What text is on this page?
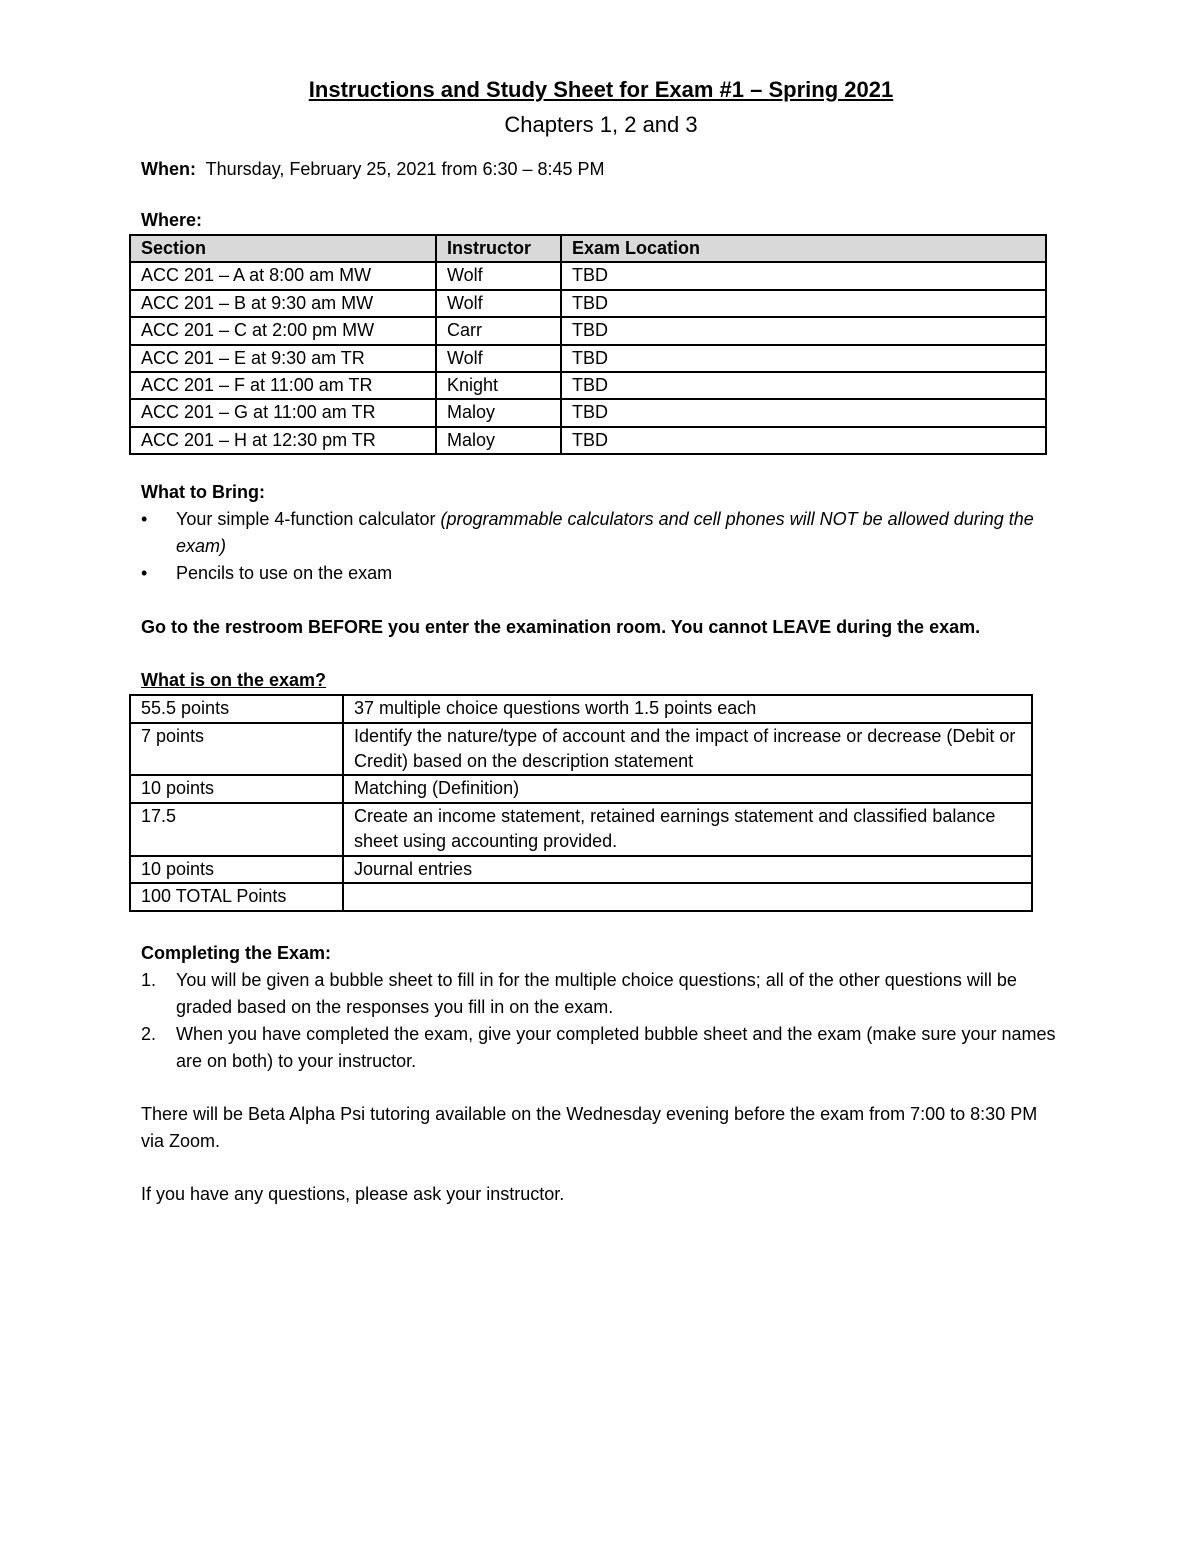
Instructions and Study Sheet for Exam #1 – Spring 2021
Chapters 1, 2 and 3
When: Thursday, February 25, 2021 from 6:30 – 8:45 PM
Where:
Section	Instructor	Exam Location
ACC 201 – A at 8:00 am MW	Wolf	TBD
ACC 201 – B at 9:30 am MW	Wolf	TBD
ACC 201 – C at 2:00 pm MW	Carr	TBD
ACC 201 – E at 9:30 am TR	Wolf	TBD
ACC 201 – F at 11:00 am TR	Knight	TBD
ACC 201 – G at 11:00 am TR	Maloy	TBD
ACC 201 – H at 12:30 pm TR	Maloy	TBD
What to Bring:
•	Your simple 4-function calculator (programmable calculators and cell phones will NOT be allowed during the exam)
•	Pencils to use on the exam
Go to the restroom BEFORE you enter the examination room. You cannot LEAVE during the exam.
What is on the exam?
55.5 points	37 multiple choice questions worth 1.5 points each
7 points	Identify the nature/type of account and the impact of increase or decrease (Debit or Credit) based on the description statement
10 points	Matching (Definition)
17.5	Create an income statement, retained earnings statement and classified balance sheet using accounting provided.
10 points	Journal entries
100 TOTAL Points	
Completing the Exam:
1. You will be given a bubble sheet to fill in for the multiple choice questions; all of the other questions will be graded based on the responses you fill in on the exam.
2. When you have completed the exam, give your completed bubble sheet and the exam (make sure your names are on both) to your instructor.
There will be Beta Alpha Psi tutoring available on the Wednesday evening before the exam from 7:00 to 8:30 PM via Zoom.
If you have any questions, please ask your instructor.
